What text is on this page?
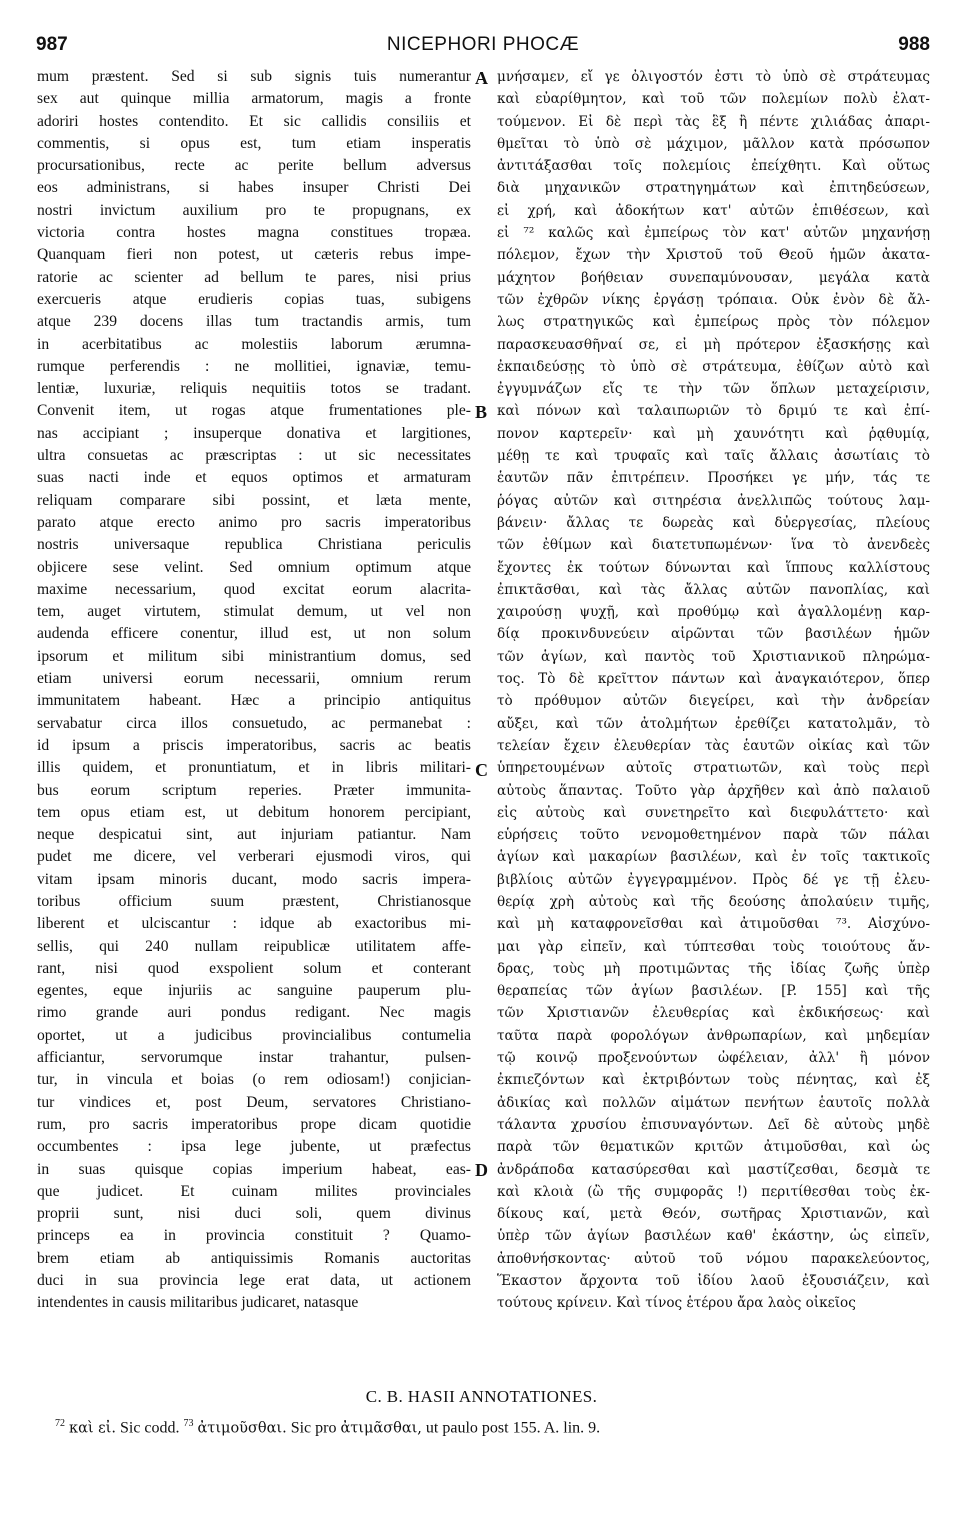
987	NICEPHORI PHOCÆ	988
mum præstent. Sed si sub signis tuis numerantur
sex aut quinque millia armatorum, magis a fronte
adoriri hostes contendito. Et sic callidis consiliis et
commentis, si opus est, tum etiam insperatis
procursationibus, recte ac perite bellum adversus
eos administrans, si habes insuper Christi Dei
nostri invictum auxilium pro te propugnans, ex
victoria contra hostes magna constitues tropæa.
Quanquam fieri non potest, ut cæteris rebus impe-
ratorie ac scienter ad bellum te pares, nisi prius
exercueris atque erudieris copias tuas, subigens
atque 239 docens illas tum tractandis armis, tum
in acerbitatibus ac molestiis laborum ærumna-
rumque perferendis : ne mollitiei, ignaviæ, temu-
lentiæ, luxuriæ, reliquis nequitiis totos se tradant.
Convenit item, ut rogas atque frumentationes ple-
nas accipiant ; insuperque donativa et largitiones,
ultra consuetas ac præscriptas : ut sic necessitates
suas nacti inde et equos optimos et armaturam
reliquam comparare sibi possint, et læta mente,
parato atque erecto animo pro sacris imperatoribus
nostris universaque republica Christiana periculis
objicere sese velint. Sed omnium optimum atque
maxime necessarium, quod excitat eorum alacrita-
tem, auget virtutem, stimulat demum, ut vel non
audenda efficere conentur, illud est, ut non solum
ipsorum et militum sibi ministrantium domus, sed
etiam universi eorum necessarii, omnium rerum
immunitatem habeant. Hæc a principio antiquitus
servabatur circa illos consuetudo, ac permanebat :
id ipsum a priscis imperatoribus, sacris ac beatis
illis quidem, et pronuntiatum, et in libris militari-
bus eorum scriptum reperies. Præter immunita-
tem opus etiam est, ut debitum honorem percipiant,
neque despicatui sint, aut injuriam patiantur. Nam
pudet me dicere, vel verberari ejusmodi viros, qui
vitam ipsam minoris ducant, modo sacris impera-
toribus officium suum præstent, Christianosque
liberent et ulciscantur : idque ab exactoribus mi-
sellis, qui 240 nullam reipublicæ utilitatem affe-
rant, nisi quod exspolient solum et conterant
egentes, eque injuriis ac sanguine pauperum plu-
rimo grande auri pondus redigant. Nec magis
oportet, ut a judicibus provincialibus contumelia
afficiantur, servorumque instar trahantur, pulsen-
tur, in vincula et boias (o rem odiosam!) conjician-
tur vindices et, post Deum, servatores Christiano-
rum, pro sacris imperatoribus prope dicam quotidie
occumbentes : ipsa lege jubente, ut præfectus
in suas quisque copias imperium habeat, eas-
que judicet. Et cuinam milites provinciales
proprii sunt, nisi duci soli, quem divinus
princeps ea in provincia constituit ? Quamo-
brem etiam ab antiquissimis Romanis auctoritas
duci in sua provincia lege erat data, ut actionem
intendentes in causis militaribus judicaret, natasque
μνήσαμεν, εἴ γε ὀλιγοστόν ἐστι τὸ ὑπὸ σὲ στράτευμας
καὶ εὐαρίθμητον, καὶ τοῦ τῶν πολεμίων πολὺ ἐλατ-
τούμενον. Εἰ δὲ περὶ τὰς ἓξ ἢ πέντε χιλιάδας ἀπαρι-
θμεῖται τὸ ὑπὸ σὲ μάχιμον, μᾶλλον κατὰ πρόσωπον
ἀντιτάξασθαι τοῖς πολεμίοις ἐπείχθητι. Καὶ οὕτως
διὰ μηχανικῶν στρατηγημάτων καὶ ἐπιτηδεύσεων,
εἰ χρή, καὶ ἀδοκήτων κατ' αὐτῶν ἐπιθέσεων, καὶ
εἰ ⁷² καλῶς καὶ ἐμπείρως τὸν κατ' αὐτῶν μηχανήσῃ
πόλεμον, ἔχων τὴν Χριστοῦ τοῦ Θεοῦ ἡμῶν ἀκατα-
μάχητον βοήθειαν συνεπαμύνουσαν, μεγάλα κατὰ
τῶν ἐχθρῶν νίκης ἐργάσῃ τρόπαια. Οὐκ ἐνὸν δὲ ἄλ-
λως στρατηγικῶς καὶ ἐμπείρως πρὸς τὸν πόλεμον
παρασκευασθῆναί σε, εἰ μὴ πρότερον ἐξασκήσῃς καὶ
ἐκπαιδεύσῃς τὸ ὑπὸ σὲ στράτευμα, ἐθίζων αὐτὸ καὶ
ἐγγυμνάζων εἴς τε τὴν τῶν ὅπλων μεταχείρισιν,
καὶ πόνων καὶ ταλαιπωριῶν τὸ δριμύ τε καὶ ἐπί-
πονον καρτερεῖν· καὶ μὴ χαυνότητι καὶ ῥᾳθυμίᾳ,
μέθῃ τε καὶ τρυφαῖς καὶ ταῖς ἄλλαις ἀσωτίαις τὸ
ἑαυτῶν πᾶν ἐπιτρέπειν. Προσήκει γε μήν, τάς τε
ῥόγας αὐτῶν καὶ σιτηρέσια ἀνελλιπῶς τούτους λαμ-
βάνειν· ἄλλας τε δωρεὰς καὶ δὐεργεσίας, πλείους
τῶν ἐθίμων καὶ διατετυπωμένων· ἵνα τὸ ἀνενδεὲς
ἔχοντες ἐκ τούτων δύνωνται καὶ ἵππους καλλίστους
ἐπικτᾶσθαι, καὶ τὰς ἄλλας αὐτῶν πανοπλίας, καὶ
χαιρούσῃ ψυχῇ, καὶ προθύμῳ καὶ ἀγαλλομένῃ καρ-
δίᾳ προκινδυνεύειν αἱρῶνται τῶν βασιλέων ἡμῶν
τῶν ἁγίων, καὶ παντὸς τοῦ Χριστιανικοῦ πληρώμα-
τος. Τὸ δὲ κρεῖττον πάντων καὶ ἀναγκαιότερον, ὅπερ
τὸ πρόθυμον αὐτῶν διεγείρει, καὶ τὴν ἀνδρείαν
αὔξει, καὶ τῶν ἀτολμήτων ἐρεθίζει κατατολμᾶν, τὸ
τελείαν ἔχειν ἐλευθερίαν τὰς ἑαυτῶν οἰκίας καὶ τῶν
ὑπηρετουμένων αὐτοῖς στρατιωτῶν, καὶ τοὺς περὶ
αὐτοὺς ἅπαντας. Τοῦτο γὰρ ἀρχῆθεν καὶ ἀπὸ παλαιοῦ
εἰς αὐτοὺς καὶ συνετηρεῖτο καὶ διεφυλάττετο· καὶ
εὑρήσεις τοῦτο νενομοθετημένον παρὰ τῶν πάλαι
ἁγίων καὶ μακαρίων βασιλέων, καὶ ἐν τοῖς τακτικοῖς
βιβλίοις αὐτῶν ἐγγεγραμμένον. Πρὸς δέ γε τῇ ἐλευ-
θερίᾳ χρὴ αὐτοὺς καὶ τῆς δεούσης ἀπολαύειν τιμῆς,
καὶ μὴ καταφρονεῖσθαι καὶ ἀτιμοῦσθαι ⁷³. Αἰσχύνο-
μαι γὰρ εἰπεῖν, καὶ τύπτεσθαι τοὺς τοιούτους ἄν-
δρας, τοὺς μὴ προτιμῶντας τῆς ἰδίας ζωῆς ὑπὲρ
θεραπείας τῶν ἁγίων βασιλέων. [P. 155] καὶ τῆς
τῶν Χριστιανῶν ἐλευθερίας καὶ ἐκδικήσεως· καὶ
ταῦτα παρὰ φορολόγων ἀνθρωπαρίων, καὶ μηδεμίαν
τῷ κοινῷ προξενούντων ὠφέλειαν, ἀλλ' ἢ μόνον
ἐκπιεζόντων καὶ ἐκτριβόντων τοὺς πένητας, καὶ ἐξ
ἀδικίας καὶ πολλῶν αἱμάτων πενήτων ἑαυτοῖς πολλὰ
τάλαντα χρυσίου ἐπισυναγόντων. Δεῖ δὲ αὐτοὺς μηδὲ
παρὰ τῶν θεματικῶν κριτῶν ἀτιμοῦσθαι, καὶ ὡς
ἀνδράποδα κατασύρεσθαι καὶ μαστίζεσθαι, δεσμὰ τε
καὶ κλοιὰ (ὢ τῆς συμφορᾶς !) περιτίθεσθαι τοὺς ἐκ-
δίκους καί, μετὰ Θεόν, σωτῆρας Χριστιανῶν, καὶ
ὑπὲρ τῶν ἁγίων βασιλέων καθ' ἑκάστην, ὡς εἰπεῖν,
ἀποθνήσκοντας· αὐτοῦ τοῦ νόμου παρακελεύοντος,
Ἕκαστον ἄρχοντα τοῦ ἰδίου λαοῦ ἐξουσιάζειν, καὶ
τούτους κρίνειν. Καὶ τίνος ἑτέρου ἄρα λαὸς οἰκεῖος
A
B
C
D
C. B. HASII ANNOTATIONES.
$^{72}$ καὶ εἰ. Sic codd. $^{73}$ ἀτιμοῦσθαι. Sic pro ἀτιμᾶσθαι, ut paulo post 155. A. lin. 9.
